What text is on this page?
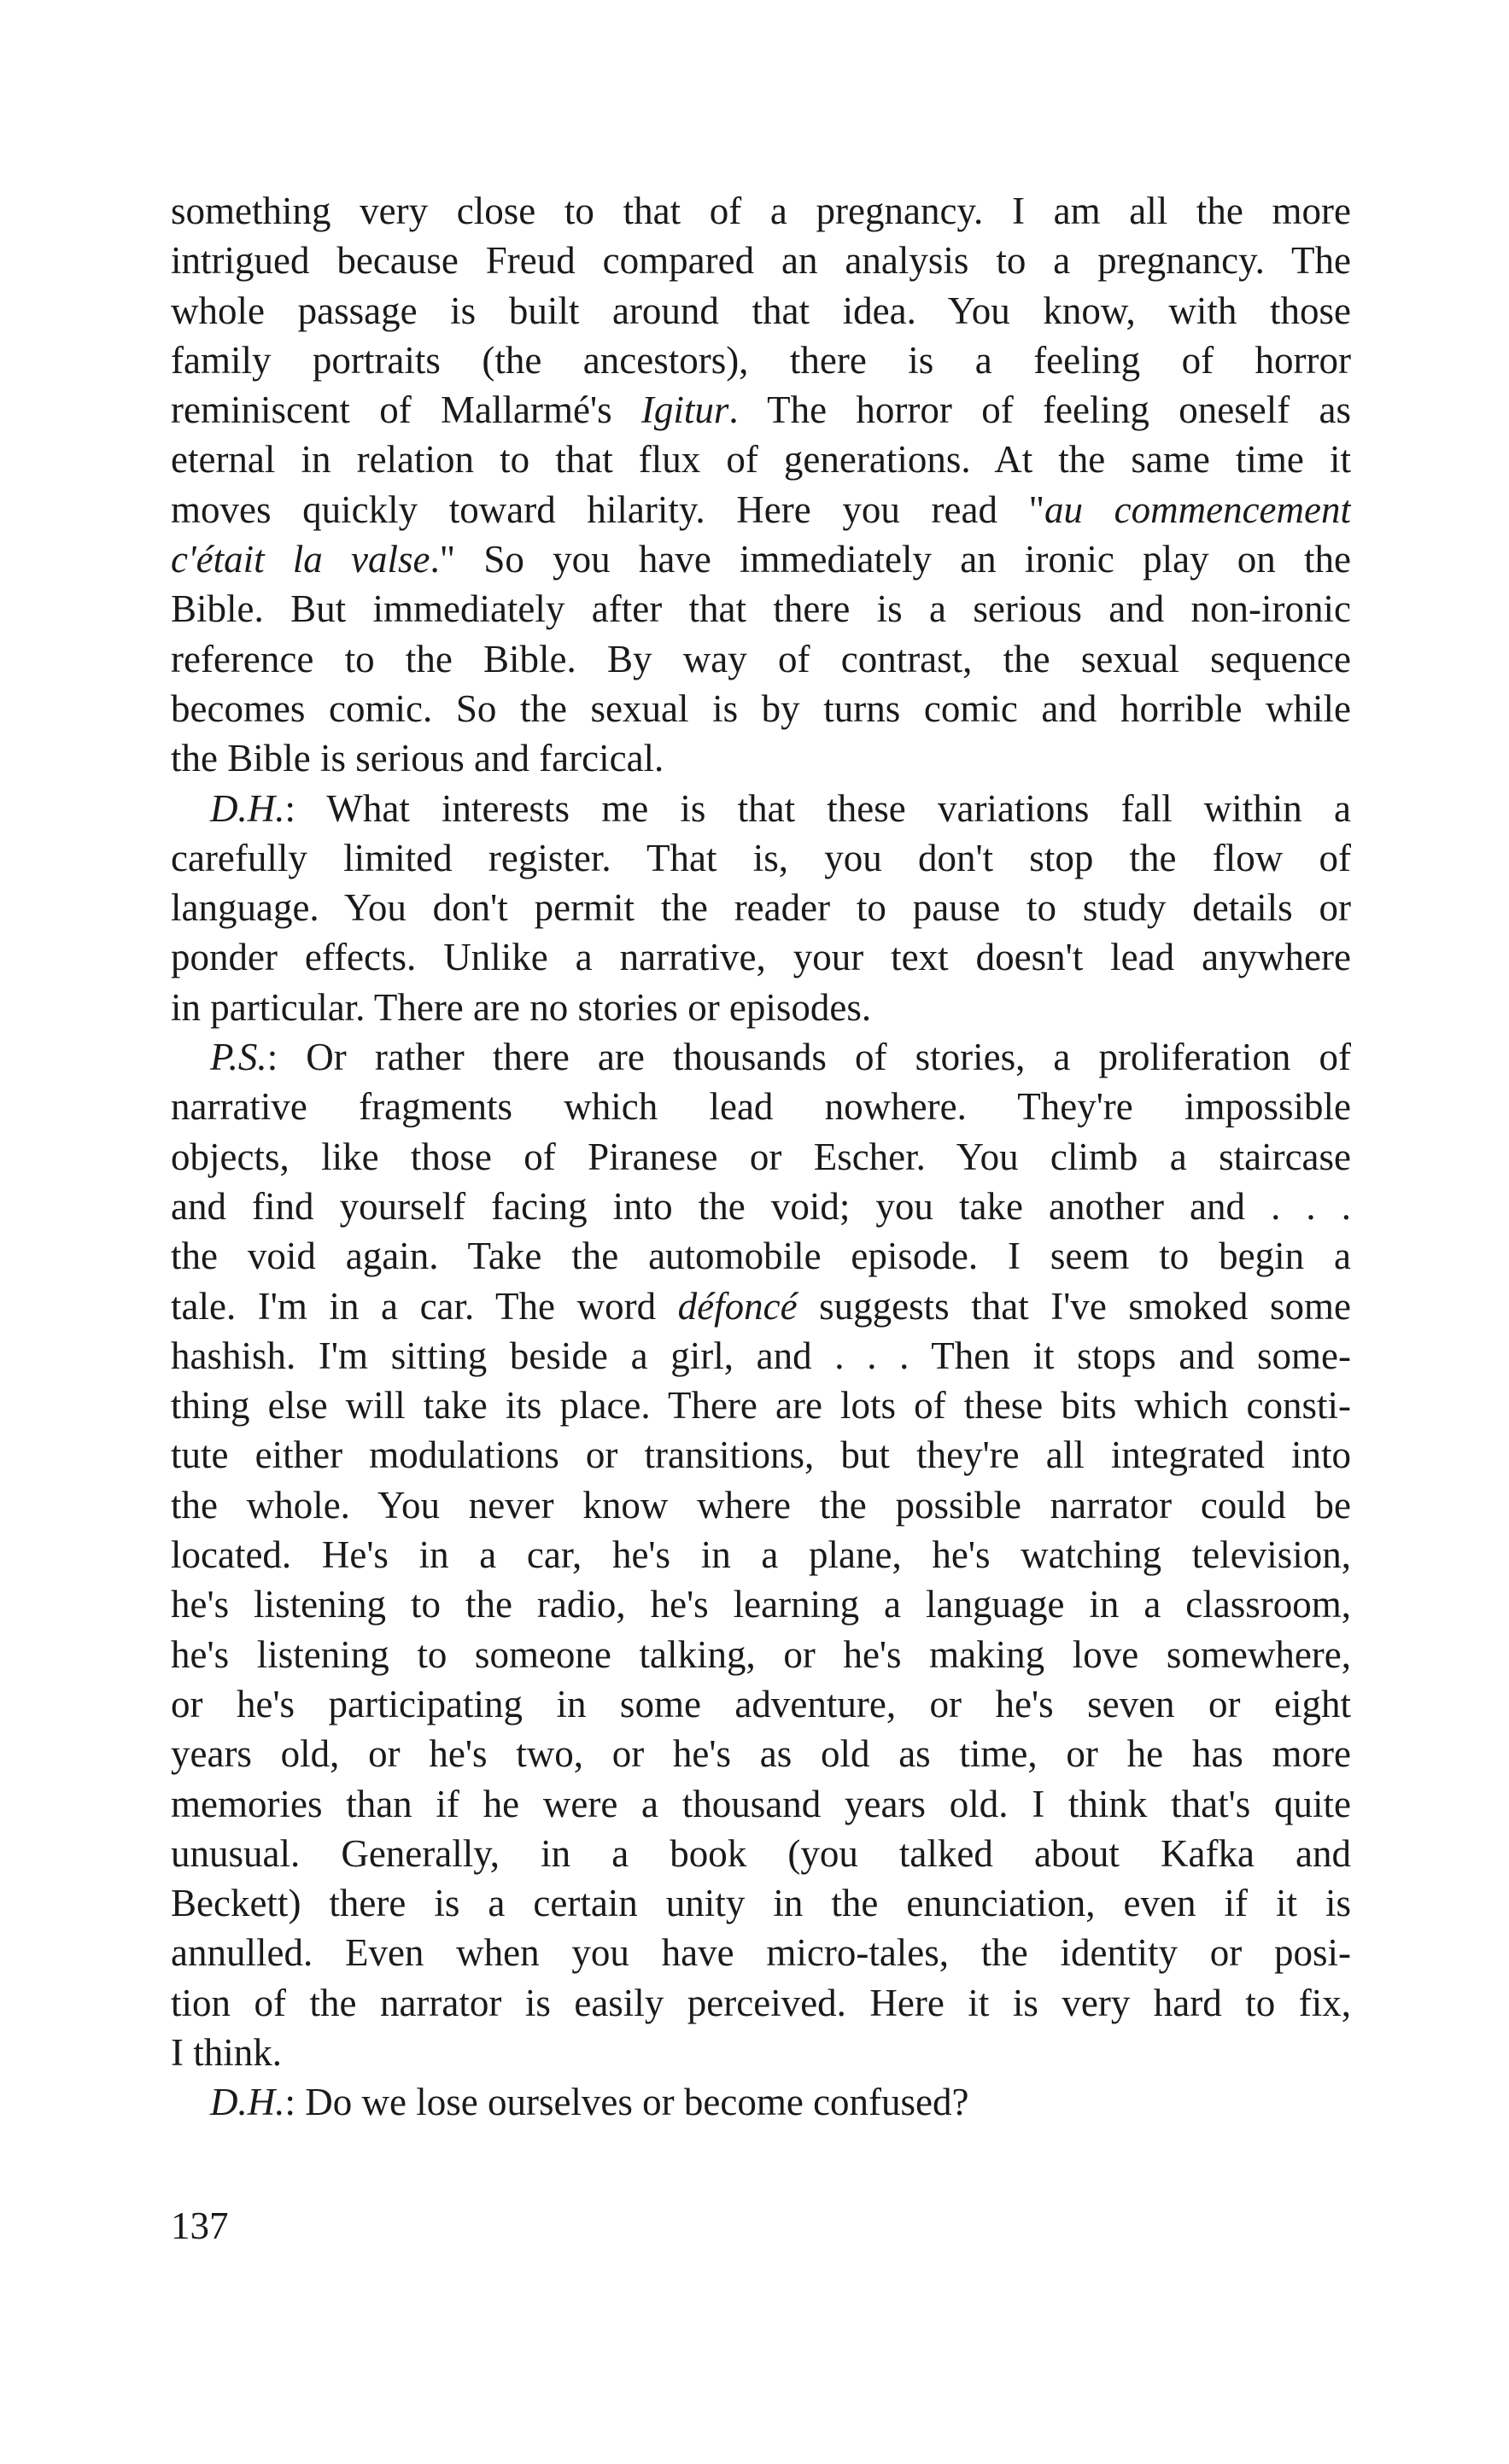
something very close to that of a pregnancy. I am all the more
intrigued because Freud compared an analysis to a pregnancy. The
whole passage is built around that idea. You know, with those
family portraits (the ancestors), there is a feeling of horror
reminiscent of Mallarmé's Igitur. The horror of feeling oneself as
eternal in relation to that flux of generations. At the same time it
moves quickly toward hilarity. Here you read "au commencement
c'était la valse." So you have immediately an ironic play on the
Bible. But immediately after that there is a serious and non-ironic
reference to the Bible. By way of contrast, the sexual sequence
becomes comic. So the sexual is by turns comic and horrible while
the Bible is serious and farcical.
D.H.: What interests me is that these variations fall within a
carefully limited register. That is, you don't stop the flow of
language. You don't permit the reader to pause to study details or
ponder effects. Unlike a narrative, your text doesn't lead anywhere
in particular. There are no stories or episodes.
P.S.: Or rather there are thousands of stories, a proliferation of
narrative fragments which lead nowhere. They're impossible
objects, like those of Piranese or Escher. You climb a staircase
and find yourself facing into the void; you take another and . . .
the void again. Take the automobile episode. I seem to begin a
tale. I'm in a car. The word défoncé suggests that I've smoked some
hashish. I'm sitting beside a girl, and . . . Then it stops and some-
thing else will take its place. There are lots of these bits which consti-
tute either modulations or transitions, but they're all integrated into
the whole. You never know where the possible narrator could be
located. He's in a car, he's in a plane, he's watching television,
he's listening to the radio, he's learning a language in a classroom,
he's listening to someone talking, or he's making love somewhere,
or he's participating in some adventure, or he's seven or eight
years old, or he's two, or he's as old as time, or he has more
memories than if he were a thousand years old. I think that's quite
unusual. Generally, in a book (you talked about Kafka and
Beckett) there is a certain unity in the enunciation, even if it is
annulled. Even when you have micro-tales, the identity or posi-
tion of the narrator is easily perceived. Here it is very hard to fix,
I think.
D.H.: Do we lose ourselves or become confused?
137
